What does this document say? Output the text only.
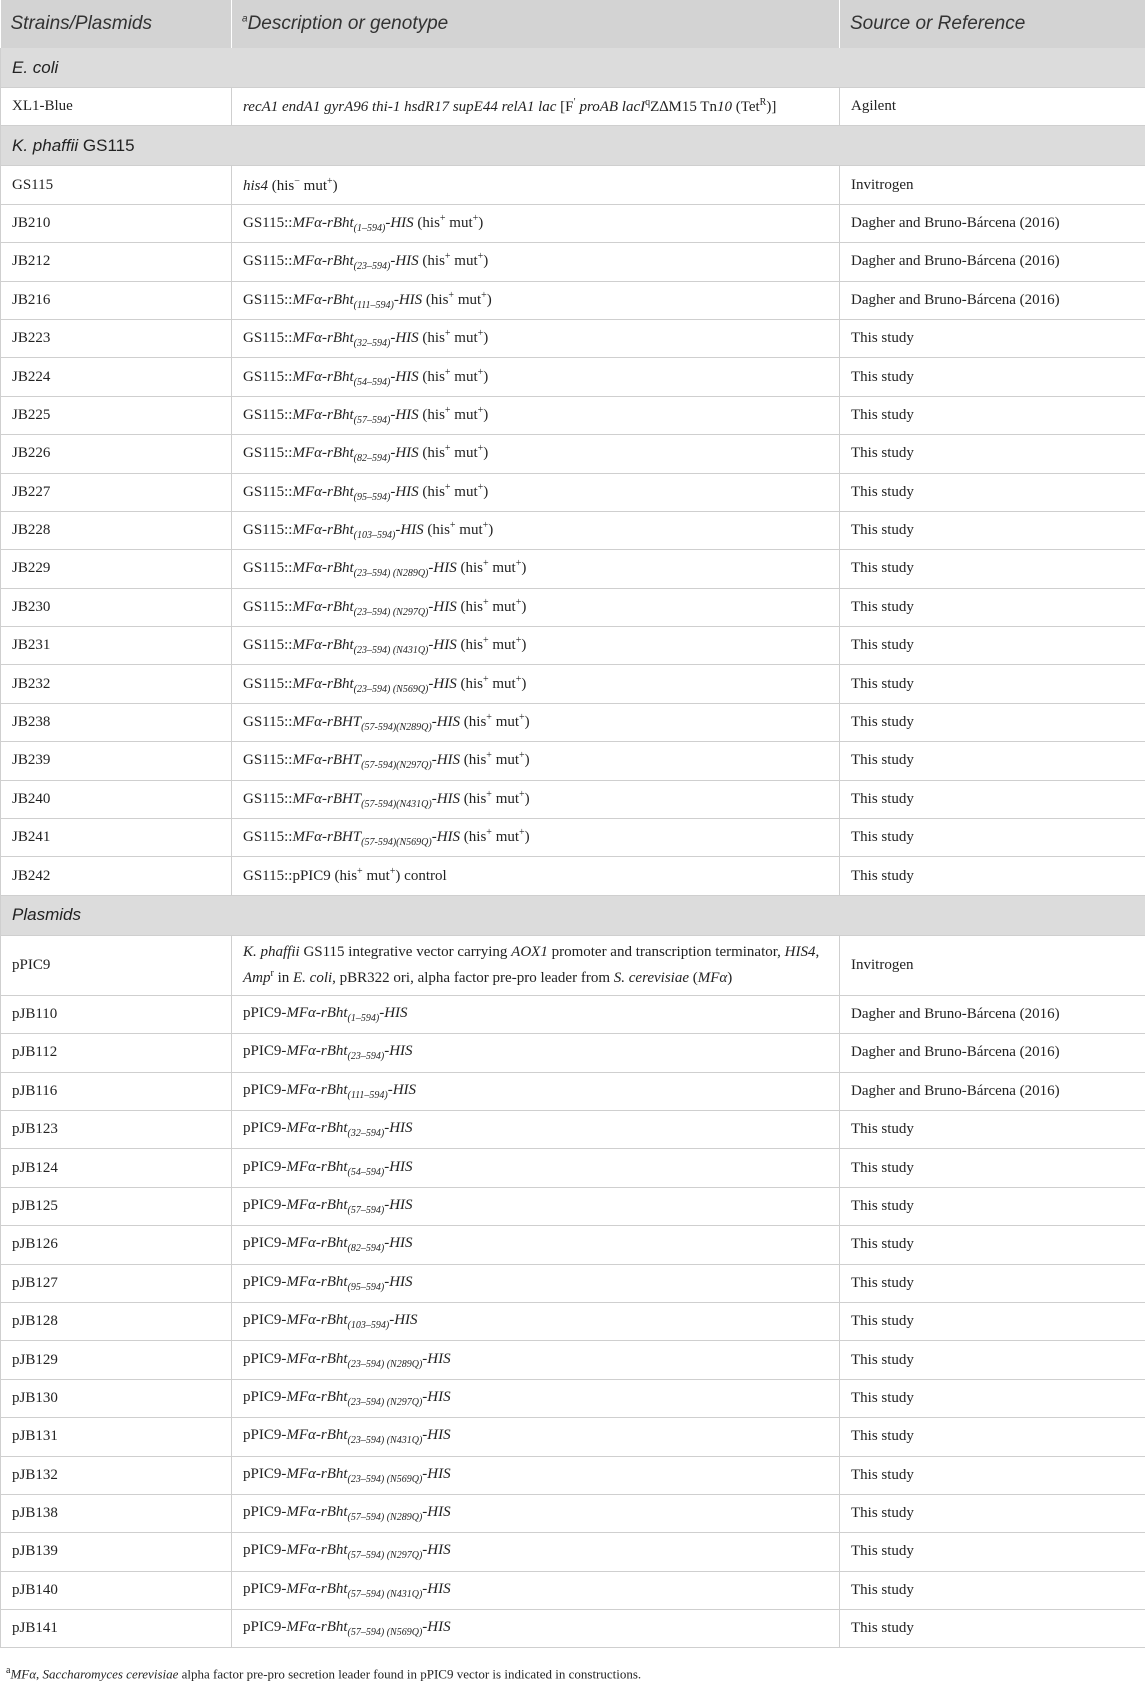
Strains/Plasmids	$^a$Description or genotype	Source or Reference
E. coli		
XL1-Blue	recA1 endA1 gyrA96 thi-1 hsdR17 supE44 relA1 lac [F′ proAB lacI$^q$Z∆M15 Tn10 (Tet$^R$)]	Agilent
K. phaffii GS115		
GS115	his4 (his− mut+)	Invitrogen
JB210	GS115::MFα-rBht$_{(1-594)}$-HIS (his+ mut+)	Dagher and Bruno-Bárcena (2016)
JB212	GS115::MFα-rBht$_{(23-594)}$-HIS (his+ mut+)	Dagher and Bruno-Bárcena (2016)
JB216	GS115::MFα-rBht$_{(111-594)}$-HIS (his+ mut+)	Dagher and Bruno-Bárcena (2016)
JB223	GS115::MFα-rBht$_{(32-594)}$-HIS (his+ mut+)	This study
JB224	GS115::MFα-rBht$_{(54-594)}$-HIS (his+ mut+)	This study
JB225	GS115::MFα-rBht$_{(57-594)}$-HIS (his+ mut+)	This study
JB226	GS115::MFα-rBht$_{(82-594)}$-HIS (his+ mut+)	This study
JB227	GS115::MFα-rBht$_{(95-594)}$-HIS (his+ mut+)	This study
JB228	GS115::MFα-rBht$_{(103-594)}$-HIS (his+ mut+)	This study
JB229	GS115::MFα-rBht$_{(23-594)}$ $_{(N289Q)}$-HIS (his+ mut+)	This study
JB230	GS115::MFα-rBht$_{(23-594)}$ $_{(N297Q)}$-HIS (his+ mut+)	This study
JB231	GS115::MFα-rBht$_{(23-594)}$ $_{(N431Q)}$-HIS (his+ mut+)	This study
JB232	GS115::MFα-rBht$_{(23-594)}$ $_{(N569Q)}$-HIS (his+ mut+)	This study
JB238	GS115::MFα-rBHT$_{(57-594)(N289Q)}$-HIS (his+ mut+)	This study
JB239	GS115::MFα-rBHT$_{(57-594)(N297Q)}$-HIS (his+ mut+)	This study
JB240	GS115::MFα-rBHT$_{(57-594)(N431Q)}$-HIS (his+ mut+)	This study
JB241	GS115::MFα-rBHT$_{(57-594)(N569Q)}$-HIS (his+ mut+)	This study
JB242	GS115::pPIC9 (his+ mut+) control	This study
Plasmids		
pPIC9	K. phaffii GS115 integrative vector carrying AOX1 promoter and transcription terminator, HIS4, Amp$^r$ in E. coli, pBR322 ori, alpha factor pre-pro leader from S. cerevisiae (MFα)	Invitrogen
pJB110	pPIC9-MFα-rBht$_{(1-594)}$-HIS	Dagher and Bruno-Bárcena (2016)
pJB112	pPIC9-MFα-rBht$_{(23-594)}$-HIS	Dagher and Bruno-Bárcena (2016)
pJB116	pPIC9-MFα-rBht$_{(111-594)}$-HIS	Dagher and Bruno-Bárcena (2016)
pJB123	pPIC9-MFα-rBht$_{(32-594)}$-HIS	This study
pJB124	pPIC9-MFα-rBht$_{(54-594)}$-HIS	This study
pJB125	pPIC9-MFα-rBht$_{(57-594)}$-HIS	This study
pJB126	pPIC9-MFα-rBht$_{(82-594)}$-HIS	This study
pJB127	pPIC9-MFα-rBht$_{(95-594)}$-HIS	This study
pJB128	pPIC9-MFα-rBht$_{(103-594)}$-HIS	This study
pJB129	pPIC9-MFα-rBht$_{(23-594)}$ $_{(N289Q)}$-HIS	This study
pJB130	pPIC9-MFα-rBht$_{(23-594)}$ $_{(N297Q)}$-HIS	This study
pJB131	pPIC9-MFα-rBht$_{(23-594)}$ $_{(N431Q)}$-HIS	This study
pJB132	pPIC9-MFα-rBht$_{(23-594)}$ $_{(N569Q)}$-HIS	This study
pJB138	pPIC9-MFα-rBht$_{(57-594)}$ $_{(N289Q)}$-HIS	This study
pJB139	pPIC9-MFα-rBht$_{(57-594)}$ $_{(N297Q)}$-HIS	This study
pJB140	pPIC9-MFα-rBht$_{(57-594)}$ $_{(N431Q)}$-HIS	This study
pJB141	pPIC9-MFα-rBht$_{(57-594)}$ $_{(N569Q)}$-HIS	This study
$^a$MFα, Saccharomyces cerevisiae alpha factor pre-pro secretion leader found in pPIC9 vector is indicated in constructions.
